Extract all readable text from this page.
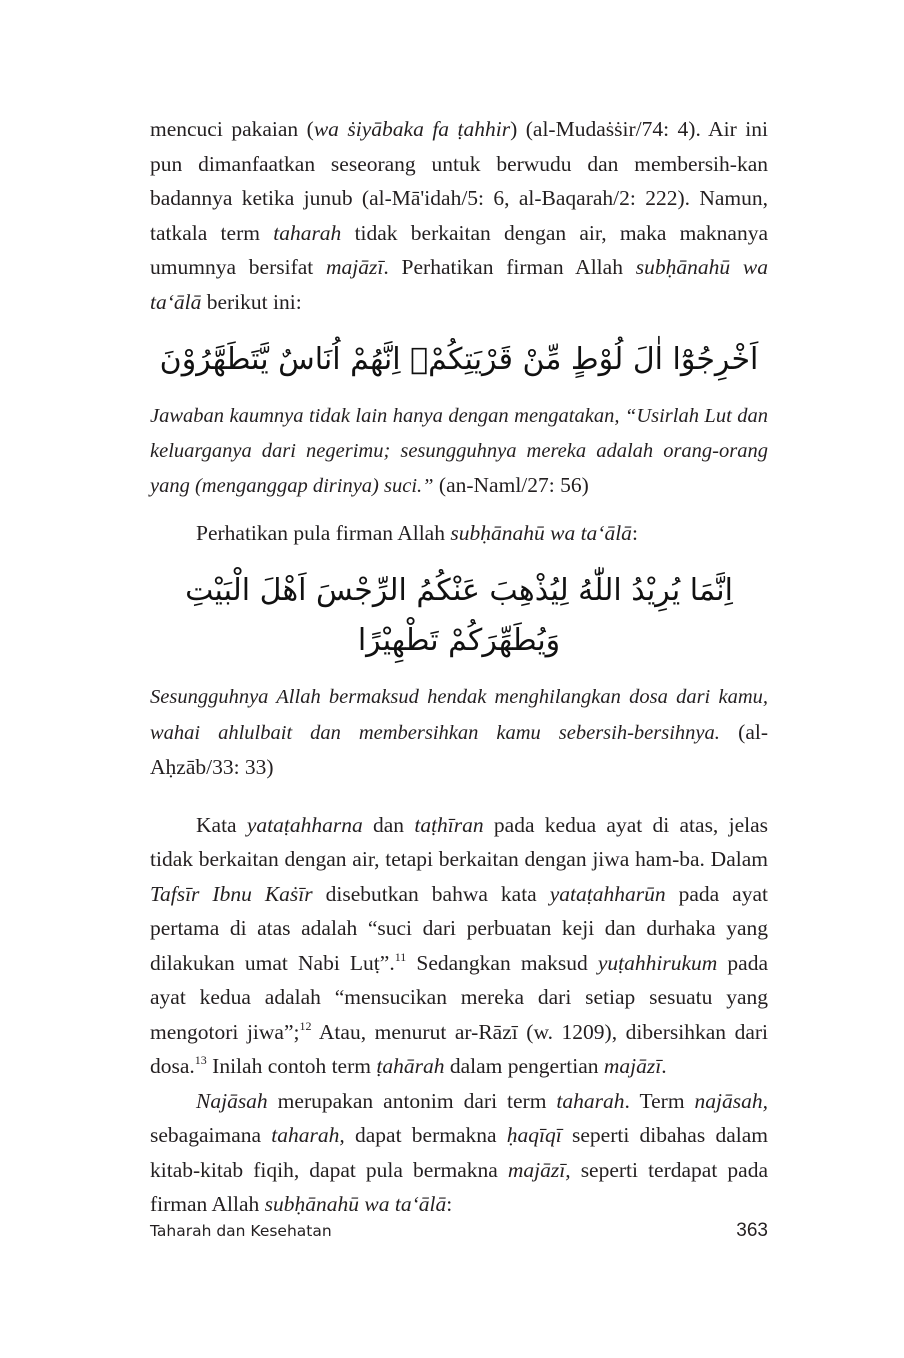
mencuci pakaian (wa ṡiyābaka fa ṭahhir) (al-Mudaṡṡir/74: 4). Air ini pun dimanfaatkan seseorang untuk berwudu dan membersih-kan badannya ketika junub (al-Mā'idah/5: 6, al-Baqarah/2: 222). Namun, tatkala term taharah tidak berkaitan dengan air, maka maknanya umumnya bersifat majāzī. Perhatikan firman Allah subḥānahū wa ta‘ālā berikut ini:

اَخْرِجُوْٓا اٰلَ لُوْطٍ مِّنْ قَرْيَتِكُمْۙ اِنَّهُمْ اُنَاسٌ يَّتَطَهَّرُوْنَ

Jawaban kaumnya tidak lain hanya dengan mengatakan, “Usirlah Lut dan keluarganya dari negerimu; sesungguhnya mereka adalah orang-orang yang (menganggap dirinya) suci.” (an-Naml/27: 56)

Perhatikan pula firman Allah subḥānahū wa ta‘ālā:

اِنَّمَا يُرِيْدُ اللّٰهُ لِيُذْهِبَ عَنْكُمُ الرِّجْسَ اَهْلَ الْبَيْتِ وَيُطَهِّرَكُمْ تَطْهِيْرًا

Sesungguhnya Allah bermaksud hendak menghilangkan dosa dari kamu, wahai ahlulbait dan membersihkan kamu sebersih-bersihnya. (al-Aḥzāb/33: 33)

Kata yataṭahharna dan taṭhīran pada kedua ayat di atas, jelas tidak berkaitan dengan air, tetapi berkaitan dengan jiwa ham-ba. Dalam Tafsīr Ibnu Kaṡīr disebutkan bahwa kata yataṭahharūn pada ayat pertama di atas adalah “suci dari perbuatan keji dan durhaka yang dilakukan umat Nabi Luṭ”.$^{11}$ Sedangkan maksud yuṭahhirukum pada ayat kedua adalah “mensucikan mereka dari setiap sesuatu yang mengotori jiwa”;$^{12}$ Atau, menurut ar-Rāzī (w. 1209), dibersihkan dari dosa.$^{13}$ Inilah contoh term ṭahārah dalam pengertian majāzī.

Najāsah merupakan antonim dari term taharah. Term najāsah, sebagaimana taharah, dapat bermakna ḥaqīqī seperti dibahas dalam kitab-kitab fiqih, dapat pula bermakna majāzī, seperti terdapat pada firman Allah subḥānahū wa ta‘ālā:

Taharah dan Kesehatan	363
